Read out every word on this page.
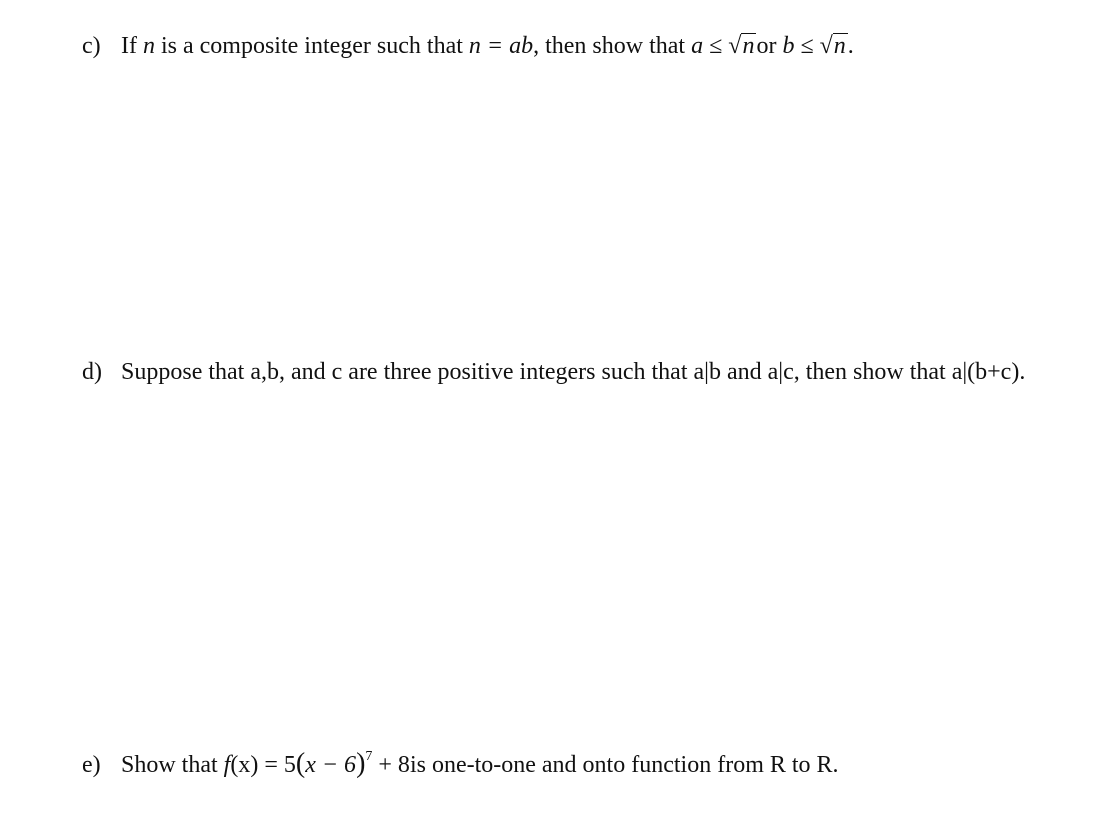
c) If n is a composite integer such that n = ab, then show that a ≤ √nor b ≤ √n.
d) Suppose that a,b, and c are three positive integers such that a|b and a|c, then show that a|(b+c).
e) Show that $f(x) = 5(x - 6)^7 + 8is$ one-to-one and onto function from R to R.
